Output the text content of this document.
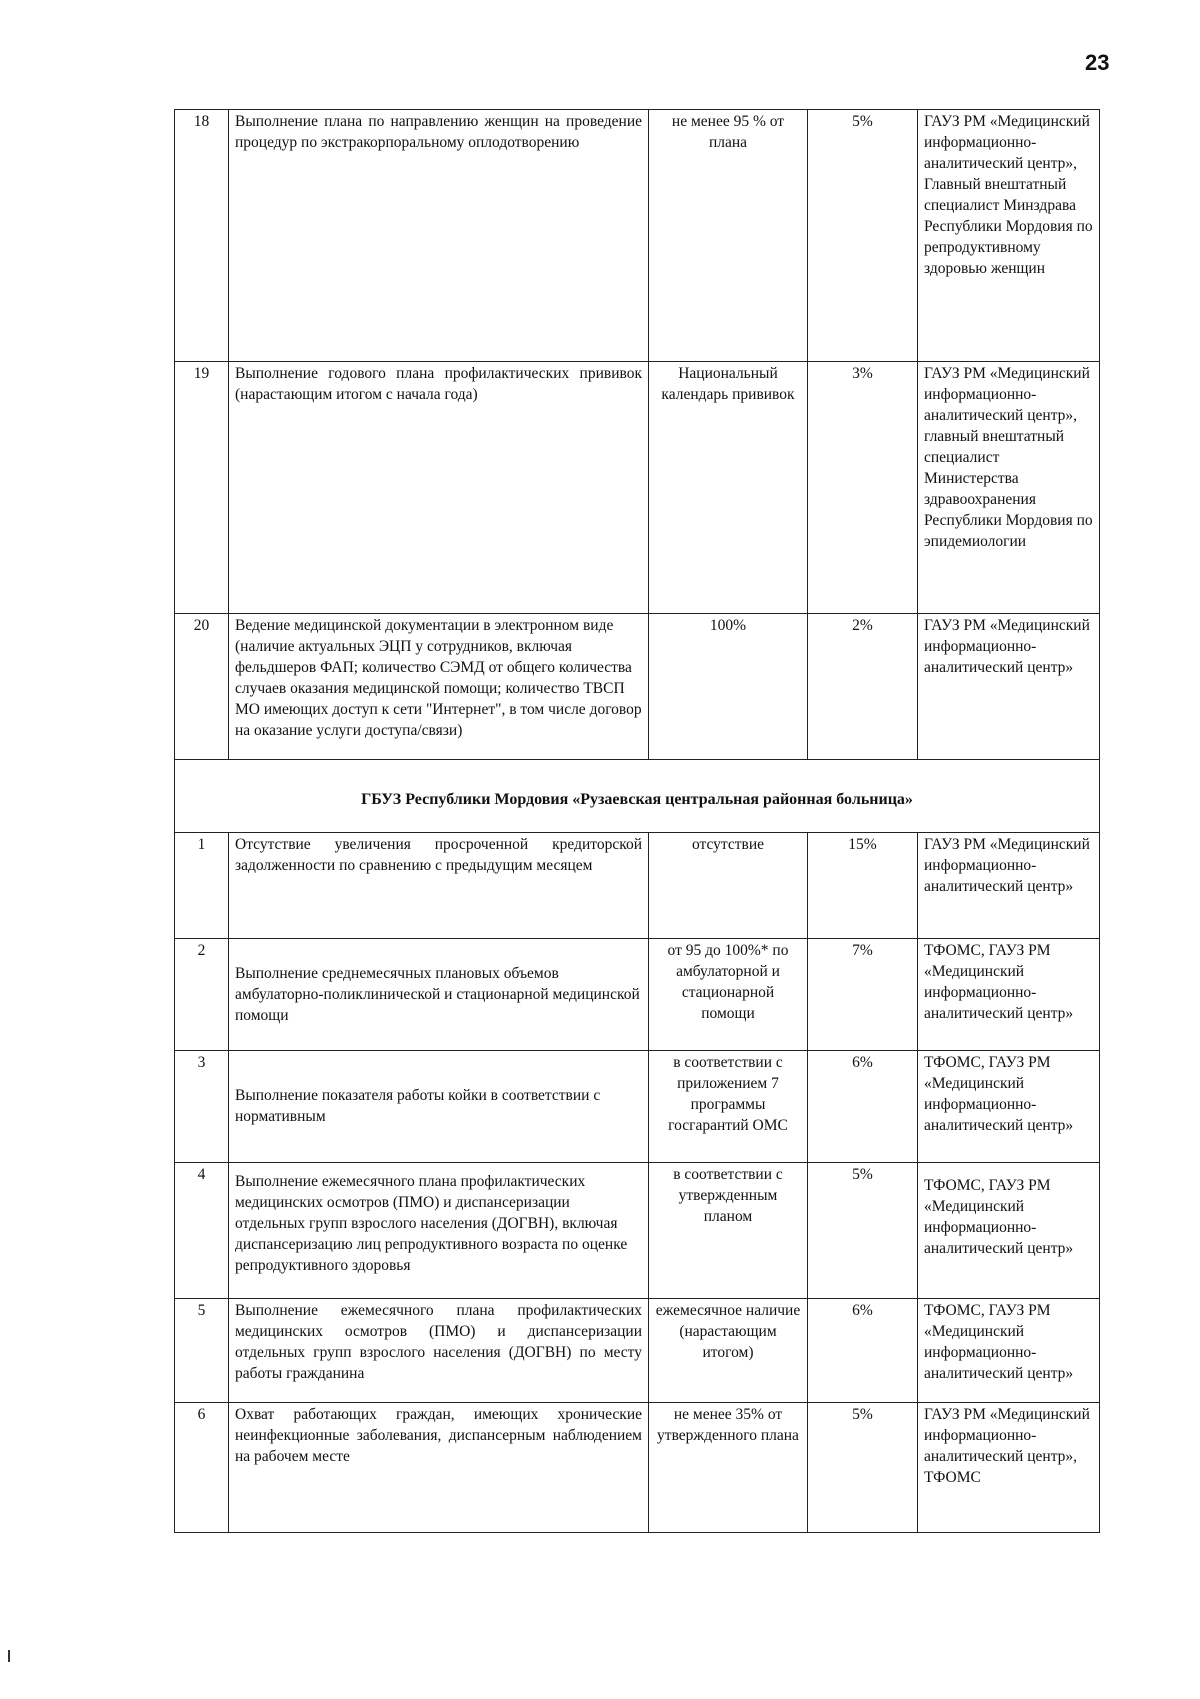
23
18	Выполнение плана по направлению женщин на проведение процедур по экстракорпоральному оплодотворению	не менее 95 % от плана	5%	ГАУЗ РМ «Медицинский информационно-аналитический центр», Главный внештатный специалист Минздрава Республики Мордовия по репродуктивному здоровью женщин
19	Выполнение годового плана профилактических прививок (нарастающим итогом с начала года)	Национальный календарь прививок	3%	ГАУЗ РМ «Медицинский информационно-аналитический центр», главный внештатный специалист Министерства здравоохранения Республики Мордовия по эпидемиологии
20	Ведение медицинской документации в электронном виде (наличие актуальных ЭЦП у сотрудников, включая фельдшеров ФАП; количество СЭМД от общего количества случаев оказания медицинской помощи; количество ТВСП МО имеющих доступ к сети "Интернет", в том числе договор на оказание услуги доступа/связи)	100%	2%	ГАУЗ РМ «Медицинский информационно-аналитический центр»
ГБУЗ Республики Мордовия «Рузаевская центральная районная больница»				
1	Отсутствие увеличения просроченной кредиторской задолженности по сравнению с предыдущим месяцем	отсутствие	15%	ГАУЗ РМ «Медицинский информационно-аналитический центр»
2	Выполнение среднемесячных плановых объемов амбулаторно-поликлинической и стационарной медицинской помощи	от 95 до 100%* по амбулаторной и стационарной помощи	7%	ТФОМС, ГАУЗ РМ «Медицинский информационно-аналитический центр»
3	Выполнение показателя работы койки в соответствии с нормативным	в соответствии с приложением 7 программы госгарантий ОМС	6%	ТФОМС, ГАУЗ РМ «Медицинский информационно-аналитический центр»
4	Выполнение ежемесячного плана профилактических медицинских осмотров (ПМО) и диспансеризации отдельных групп взрослого населения (ДОГВН), включая диспансеризацию лиц репродуктивного возраста по оценке репродуктивного здоровья	в соответствии с утвержденным планом	5%	ТФОМС, ГАУЗ РМ «Медицинский информационно-аналитический центр»
5	Выполнение ежемесячного плана профилактических медицинских осмотров (ПМО) и диспансеризации отдельных групп взрослого населения (ДОГВН) по месту работы гражданина	ежемесячное наличие (нарастающим итогом)	6%	ТФОМС, ГАУЗ РМ «Медицинский информационно-аналитический центр»
6	Охват работающих граждан, имеющих хронические неинфекционные заболевания, диспансерным наблюдением на рабочем месте	не менее 35% от утвержденного плана	5%	ГАУЗ РМ «Медицинский информационно-аналитический центр», ТФОМС
